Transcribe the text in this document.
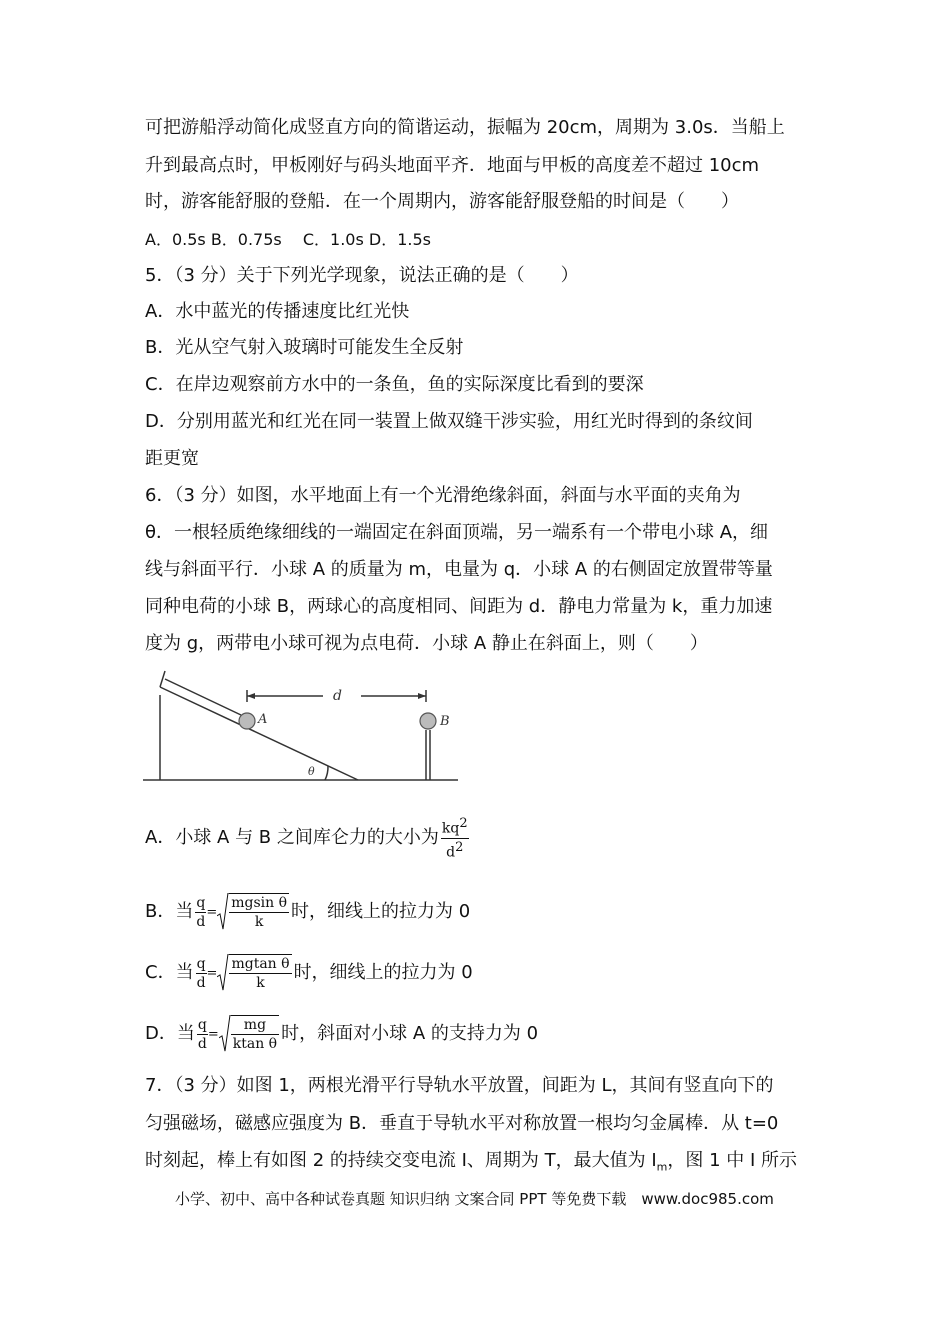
可把游船浮动简化成竖直方向的简谐运动，振幅为 20cm，周期为 3.0s．当船上
升到最高点时，甲板刚好与码头地面平齐．地面与甲板的高度差不超过 10cm
时，游客能舒服的登船．在一个周期内，游客能舒服登船的时间是（　　）
A．0.5s B．0.75s　 C．1.0s D．1.5s
5．（3 分）关于下列光学现象，说法正确的是（　　）
A．水中蓝光的传播速度比红光快
B．光从空气射入玻璃时可能发生全反射
C．在岸边观察前方水中的一条鱼，鱼的实际深度比看到的要深
D．分别用蓝光和红光在同一装置上做双缝干涉实验，用红光时得到的条纹间
距更宽
6．（3 分）如图，水平地面上有一个光滑绝缘斜面，斜面与水平面的夹角为
θ．一根轻质绝缘细线的一端固定在斜面顶端，另一端系有一个带电小球 A，细
线与斜面平行．小球 A 的质量为 m，电量为 q．小球 A 的右侧固定放置带等量
同种电荷的小球 B，两球心的高度相同、间距为 d．静电力常量为 k，重力加速
度为 g，两带电小球可视为点电荷．小球 A 静止在斜面上，则（　　）
d
A	B
θ
A．小球 A 与 B 之间库仑力的大小为 $\frac{kq^2}{d^2}$
B．当 $\frac{q}{d} = \frac{\text{mgsin θ}}{k}$ 时，细线上的拉力为 0
C．当 $\frac{q}{d} = \frac{\text{mgtan θ}}{k}$ 时，细线上的拉力为 0
D．当 $\frac{q}{d} = \frac{mg}{\text{ktan θ}}$ 时，斜面对小球 A 的支持力为 0
7．（3 分）如图 1，两根光滑平行导轨水平放置，间距为 L，其间有竖直向下的
匀强磁场，磁感应强度为 B．垂直于导轨水平对称放置一根均匀金属棒．从 t=0
时刻起，棒上有如图 2 的持续交变电流 I、周期为 T，最大值为 $I_m$，图 1 中 I 所示
小学、初中、高中各种试卷真题 知识归纳 文案合同 PPT 等免费下载　www.doc985.com
